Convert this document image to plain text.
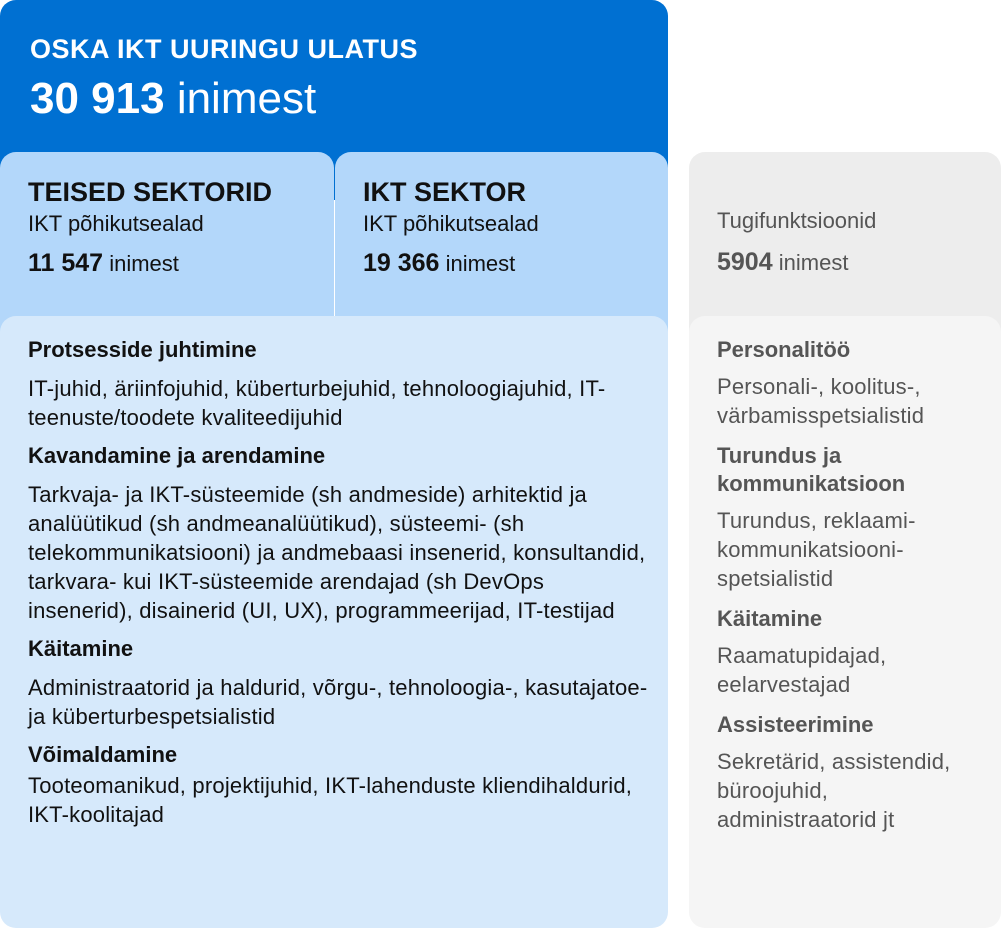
OSKA IKT UURINGU ULATUS
30 913 inimest
TEISED SEKTORID
IKT põhikutsealad
11 547 inimest
IKT SEKTOR
IKT põhikutsealad
19 366 inimest
Protsesside juhtimine
IT-juhid, äriinfojuhid, küberturbejuhid, tehnoloogiajuhid, IT-teenuste/toodete kvaliteedijuhid
Kavandamine ja arendamine
Tarkvaja- ja IKT-süsteemide (sh andmeside) arhitektid ja analüütikud (sh andmeanalüütikud), süsteemi- (sh telekommunikatsiooni) ja andmebaasi insenerid, konsultandid, tarkvara- kui IKT-süsteemide arendajad (sh DevOps insenerid), disainerid (UI, UX), programmeerijad, IT-testijad
Käitamine
Administraatorid ja haldurid, võrgu-, tehnoloogia-, kasutajatoe- ja küberturbespetsialistid
Võimaldamine
Tooteomanikud, projektijuhid, IKT-lahenduste kliendihaldurid, IKT-koolitajad
Tugifunktsioonid
5904 inimest
Personalitöö
Personali-, koolitus-, värbamisspetsialistid
Turundus ja kommunikatsioon
Turundus, reklaami-kommunikatsiooni-spetsialistid
Käitamine
Raamatupidajad, eelarvestajad
Assisteerimine
Sekretärid, assistendid, büroojuhid, administraatorid jt
